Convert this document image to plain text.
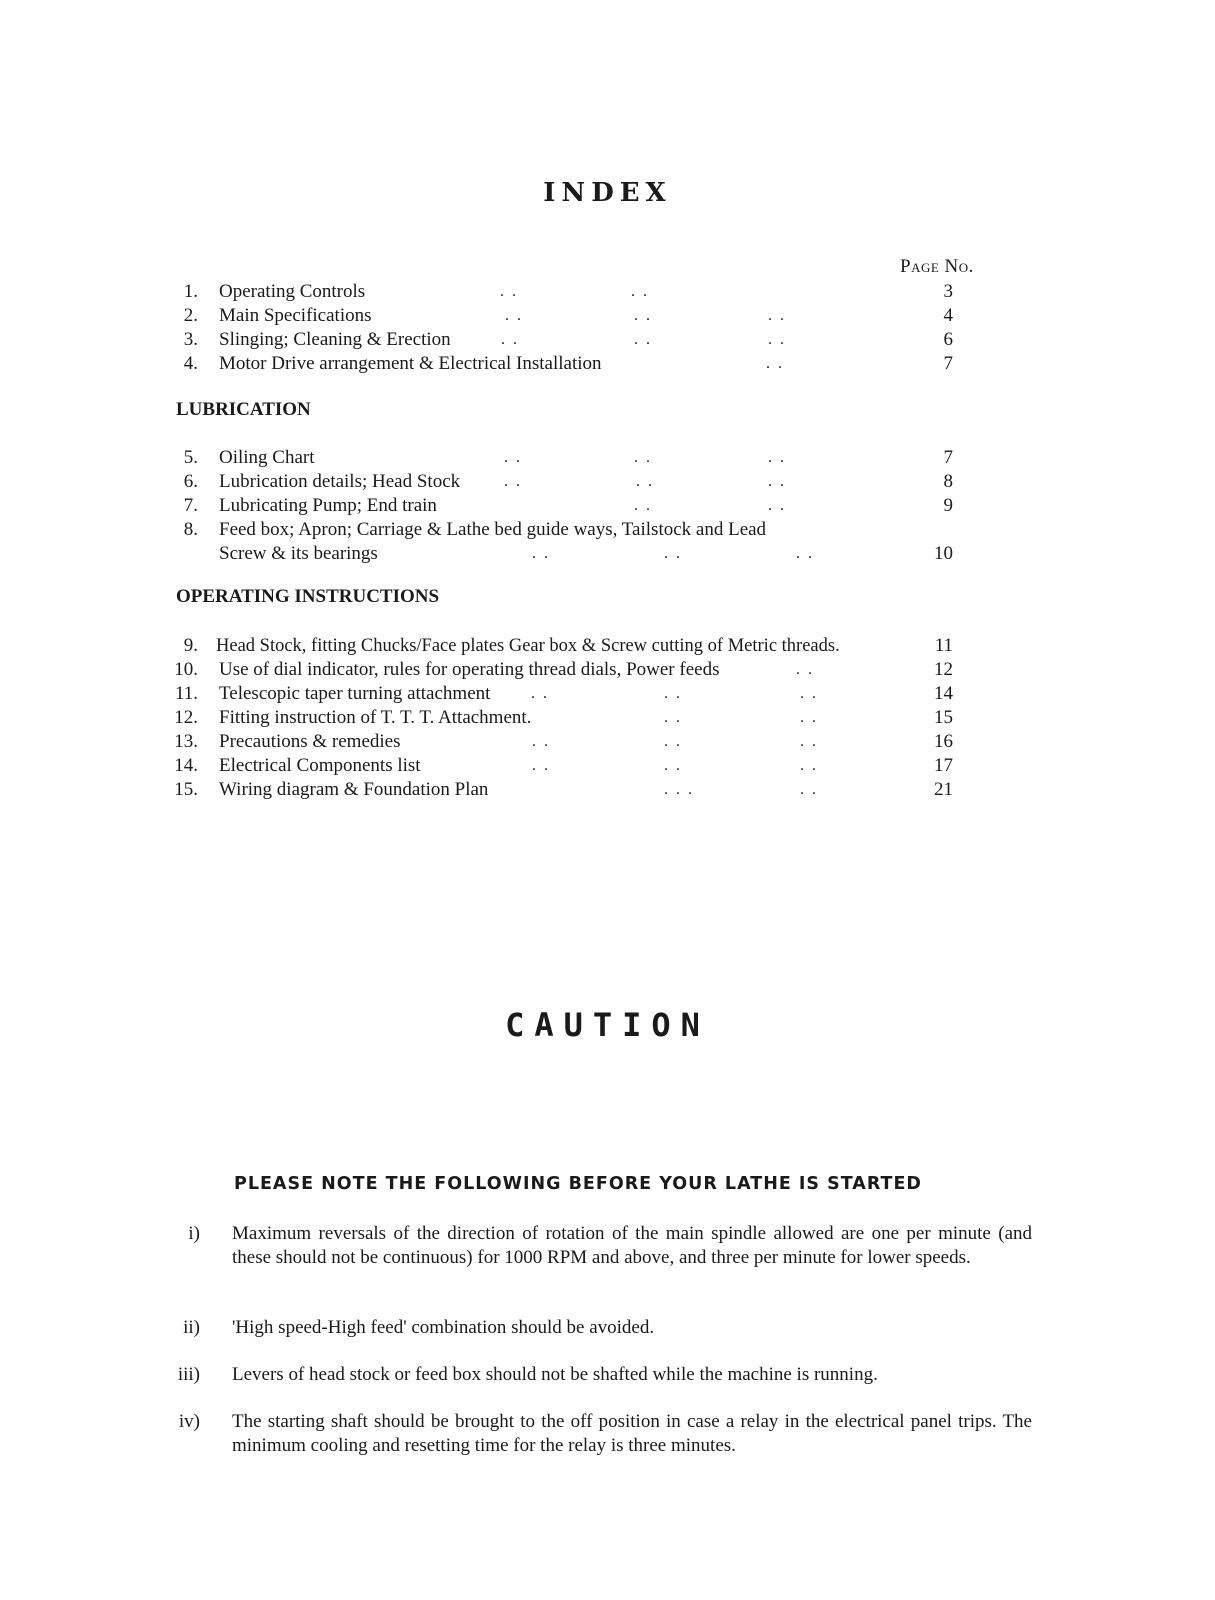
INDEX
Page No.
1. Operating Controls	. .	. .	3
2. Main Specifications	. .	. .	. .	4
3. Slinging; Cleaning & Erection	. .	. .	. .	6
4. Motor Drive arrangement & Electrical Installation	. .	7
LUBRICATION
5. Oiling Chart	. .	. .	. .	7
6. Lubrication details; Head Stock	. .	. .	. .	8
7. Lubricating Pump; End train	. .	. .	9
8. Feed box; Apron; Carriage & Lathe bed guide ways, Tailstock and Lead
Screw & its bearings	. .	. .	. .	10
OPERATING INSTRUCTIONS
9. Head Stock, fitting Chucks/Face plates Gear box & Screw cutting of Metric threads.	11
10. Use of dial indicator, rules for operating thread dials, Power feeds	. .	12
11. Telescopic taper turning attachment	. .	. .	. .	14
12. Fitting instruction of T. T. T. Attachment.	. .	. .	15
13. Precautions & remedies	. .	. .	. .	16
14. Electrical Components list	. .	. .	. .	17
15. Wiring diagram & Foundation Plan	. . .	. .	21
CAUTION
PLEASE NOTE THE FOLLOWING BEFORE YOUR LATHE IS STARTED
i) Maximum reversals of the direction of rotation of the main spindle allowed are one per minute (and these should not be continuous) for 1000 RPM and above, and three per minute for lower speeds.
ii) 'High speed-High feed' combination should be avoided.
iii) Levers of head stock or feed box should not be shafted while the machine is running.
iv) The starting shaft should be brought to the off position in case a relay in the electrical panel trips. The minimum cooling and resetting time for the relay is three minutes.
